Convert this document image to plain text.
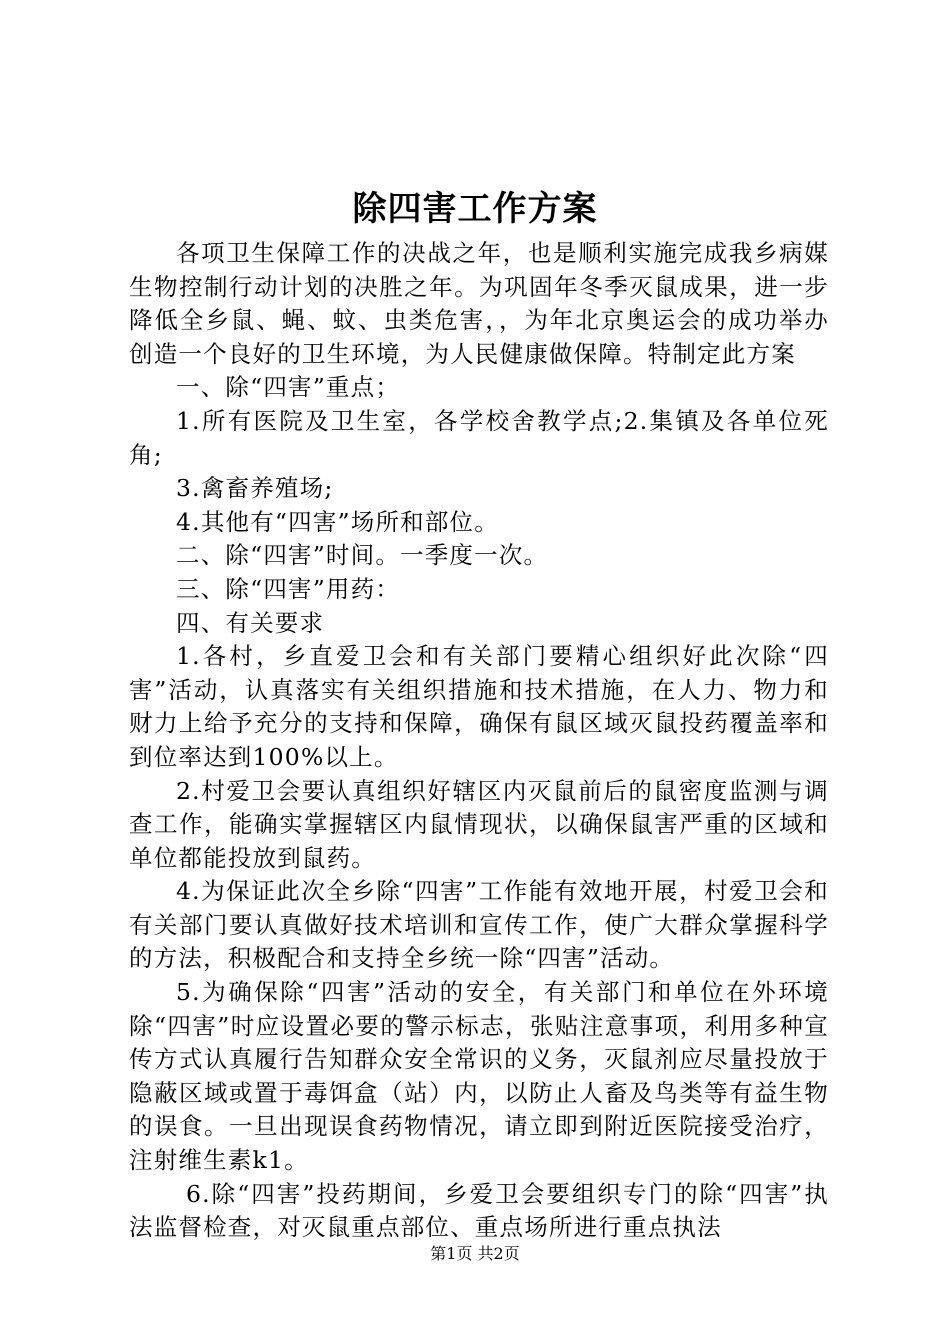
除四害工作方案

各项卫生保障工作的决战之年，也是顺利实施完成我乡病媒生物控制行动计划的决胜之年。为巩固年冬季灭鼠成果，进一步降低全乡鼠、蝇、蚊、虫类危害，，为年北京奥运会的成功举办创造一个良好的卫生环境，为人民健康做保障。特制定此方案

一、除“四害”重点；

1.所有医院及卫生室，各学校舍教学点;2.集镇及各单位死角;

3.禽畜养殖场;

4.其他有“四害”场所和部位。

二、除“四害”时间。一季度一次。

三、除“四害”用药：

四、有关要求

1.各村，乡直爱卫会和有关部门要精心组织好此次除“四害”活动，认真落实有关组织措施和技术措施，在人力、物力和财力上给予充分的支持和保障，确保有鼠区域灭鼠投药覆盖率和到位率达到100%以上。

2.村爱卫会要认真组织好辖区内灭鼠前后的鼠密度监测与调查工作，能确实掌握辖区内鼠情现状，以确保鼠害严重的区域和单位都能投放到鼠药。

4.为保证此次全乡除“四害”工作能有效地开展，村爱卫会和有关部门要认真做好技术培训和宣传工作，使广大群众掌握科学的方法，积极配合和支持全乡统一除“四害”活动。

5.为确保除“四害”活动的安全，有关部门和单位在外环境除“四害”时应设置必要的警示标志，张贴注意事项，利用多种宣传方式认真履行告知群众安全常识的义务，灭鼠剂应尽量投放于隐蔽区域或置于毒饵盒（站）内，以防止人畜及鸟类等有益生物的误食。一旦出现误食药物情况，请立即到附近医院接受治疗，注射维生素k1。

6.除“四害”投药期间，乡爱卫会要组织专门的除“四害”执法监督检查，对灭鼠重点部位、重点场所进行重点执法

第1页 共2页
